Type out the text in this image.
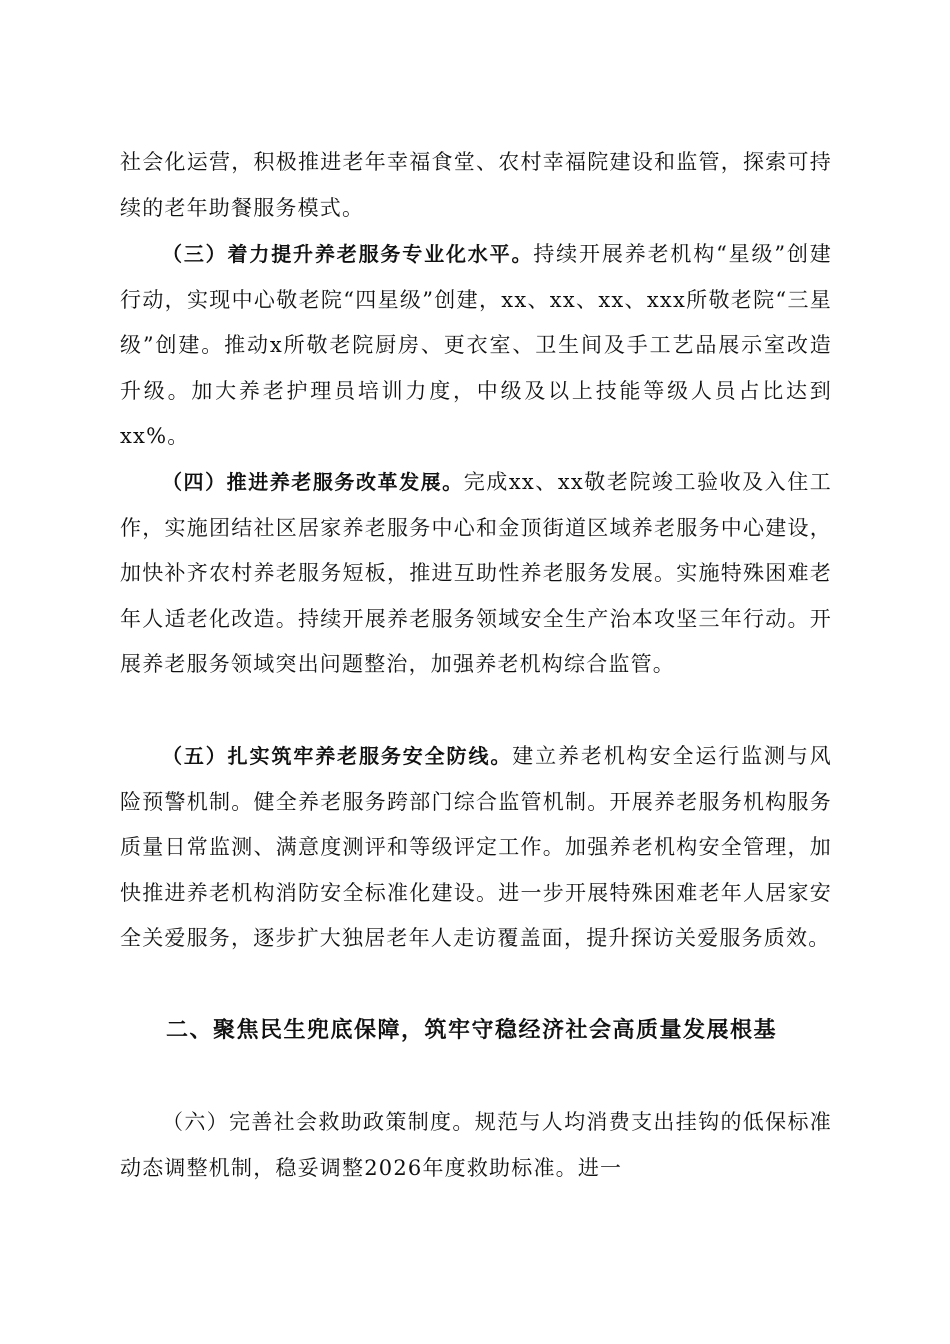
社会化运营，积极推进老年幸福食堂、农村幸福院建设和监管，探索可持续的老年助餐服务模式。

（三）着力提升养老服务专业化水平。持续开展养老机构“星级”创建行动，实现中心敬老院“四星级”创建，xx、xx、xx、xxx所敬老院“三星级”创建。推动x所敬老院厨房、更衣室、卫生间及手工艺品展示室改造升级。加大养老护理员培训力度，中级及以上技能等级人员占比达到xx%。

（四）推进养老服务改革发展。完成xx、xx敬老院竣工验收及入住工作，实施团结社区居家养老服务中心和金顶街道区域养老服务中心建设，加快补齐农村养老服务短板，推进互助性养老服务发展。实施特殊困难老年人适老化改造。持续开展养老服务领域安全生产治本攻坚三年行动。开展养老服务领域突出问题整治，加强养老机构综合监管。

（五）扎实筑牢养老服务安全防线。建立养老机构安全运行监测与风险预警机制。健全养老服务跨部门综合监管机制。开展养老服务机构服务质量日常监测、满意度测评和等级评定工作。加强养老机构安全管理，加快推进养老机构消防安全标准化建设。进一步开展特殊困难老年人居家安全关爱服务，逐步扩大独居老年人走访覆盖面，提升探访关爱服务质效。

二、聚焦民生兜底保障，筑牢守稳经济社会高质量发展根基

（六）完善社会救助政策制度。规范与人均消费支出挂钩的低保标准动态调整机制，稳妥调整2026年度救助标准。进一
